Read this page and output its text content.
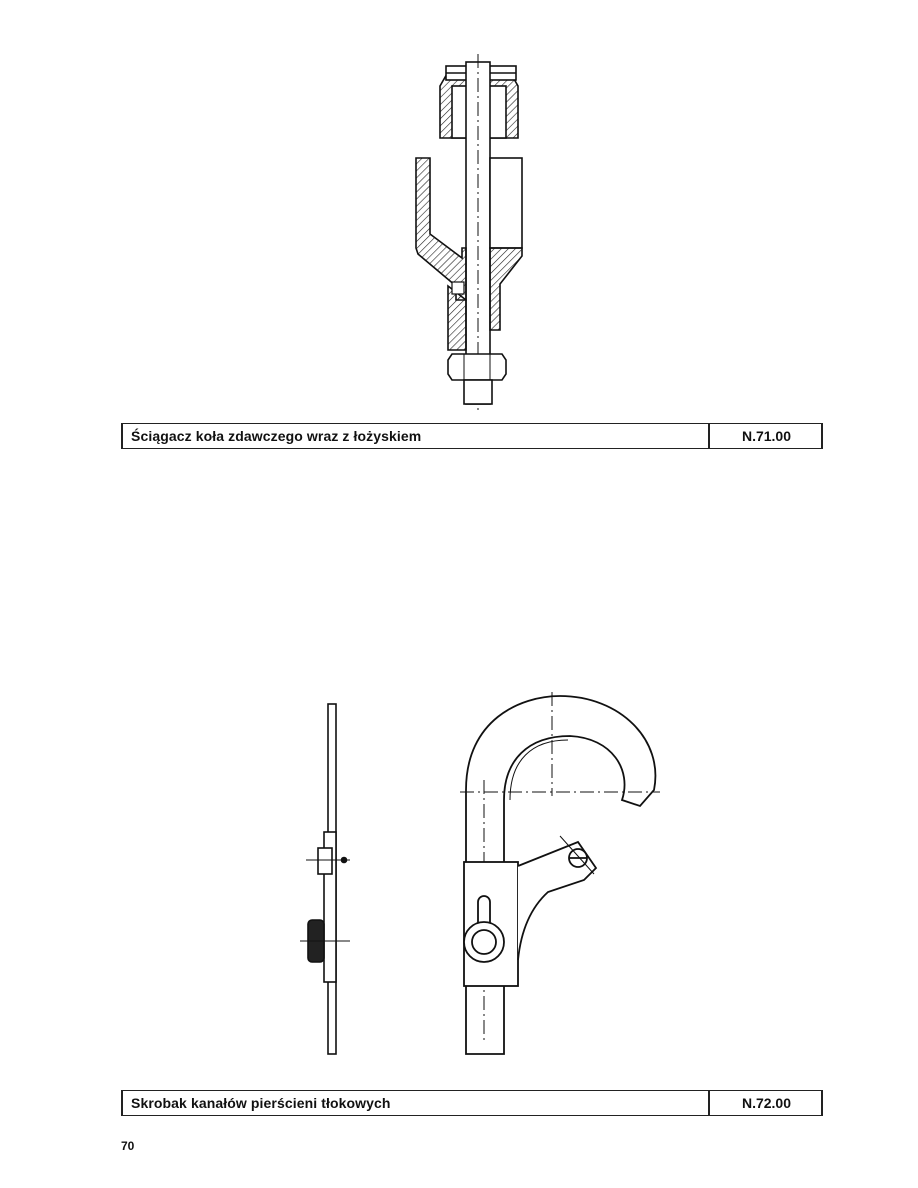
Ściągacz koła zdawczego wraz z łożyskiem	N.71.00
Skrobak kanałów pierścieni tłokowych	N.72.00
70
